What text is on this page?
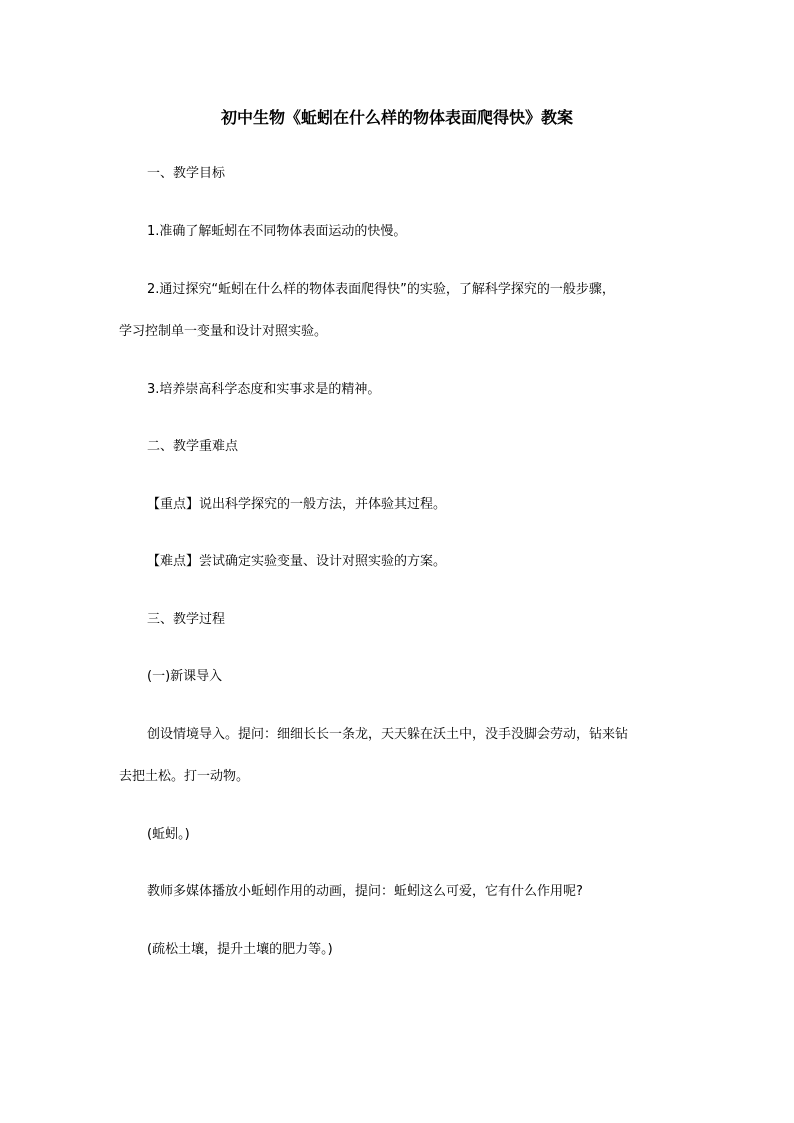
初中生物《蚯蚓在什么样的物体表面爬得快》教案
一、教学目标
1.准确了解蚯蚓在不同物体表面运动的快慢。
2.通过探究“蚯蚓在什么样的物体表面爬得快”的实验，了解科学探究的一般步骤，
学习控制单一变量和设计对照实验。
3.培养崇高科学态度和实事求是的精神。
二、教学重难点
【重点】说出科学探究的一般方法，并体验其过程。
【难点】尝试确定实验变量、设计对照实验的方案。
三、教学过程
(一)新课导入
创设情境导入。提问：细细长长一条龙，天天躲在沃土中，没手没脚会劳动，钻来钻
去把土松。打一动物。
(蚯蚓。)
教师多媒体播放小蚯蚓作用的动画，提问：蚯蚓这么可爱，它有什么作用呢?
(疏松土壤，提升土壤的肥力等。)
